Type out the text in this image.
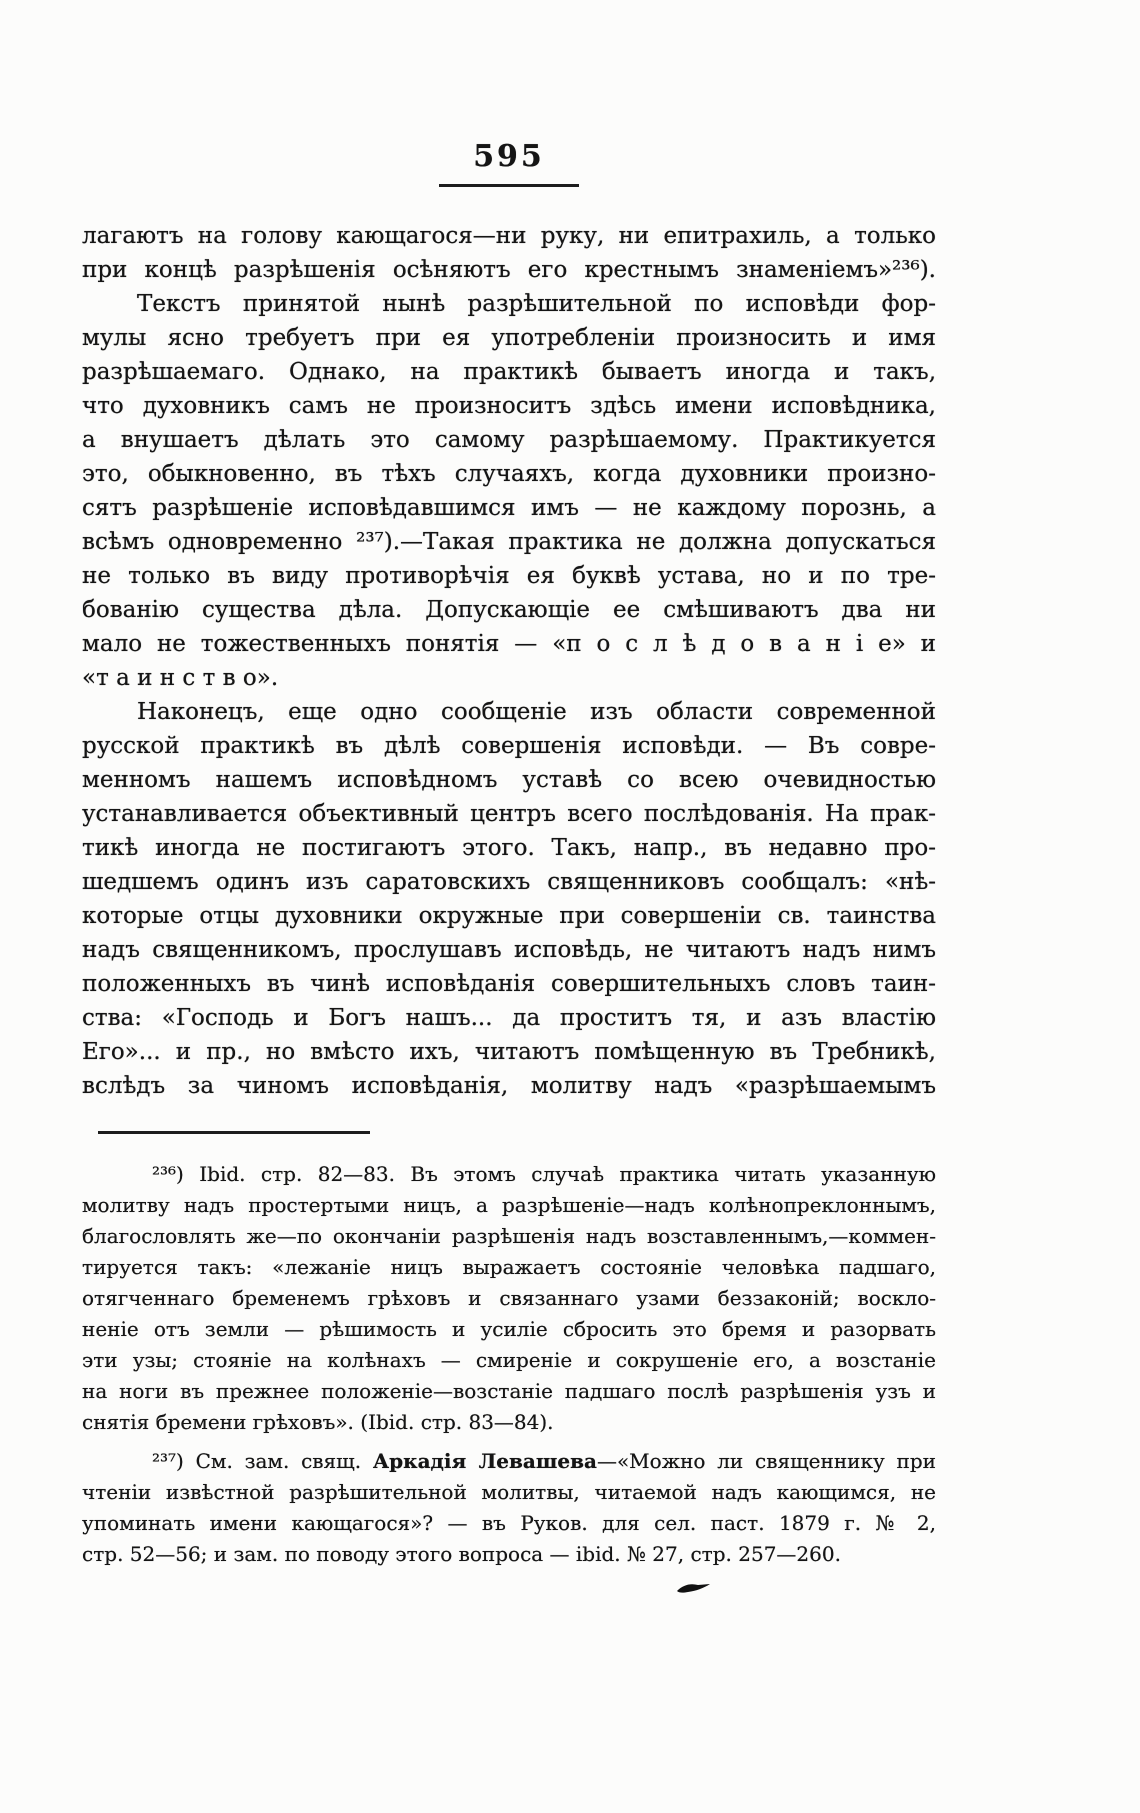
595
лагаютъ на голову кающагося—ни руку, ни епитрахиль, а только
при концѣ разрѣшенія осѣняютъ его крестнымъ знаменіемъ»²³⁶).
Текстъ принятой нынѣ разрѣшительной по исповѣди фор-
мулы ясно требуетъ при ея употребленіи произносить и имя
разрѣшаемаго. Однако, на практикѣ бываетъ иногда и такъ,
что духовникъ самъ не произноситъ здѣсь имени исповѣдника,
а внушаетъ дѣлать это самому разрѣшаемому. Практикуется
это, обыкновенно, въ тѣхъ случаяхъ, когда духовники произно-
сятъ разрѣшеніе исповѣдавшимся имъ — не каждому порознь, а
всѣмъ одновременно ²³⁷).—Такая практика не должна допускаться
не только въ виду противорѣчія ея буквѣ устава, но и по тре-
бованію существа дѣла. Допускающіе ее смѣшиваютъ два ни
мало не тожественныхъ понятія — «п о с л ѣ д о в а н і е» и
«т а и н с т в о».
Наконецъ, еще одно сообщеніе изъ области современной
русской практикѣ въ дѣлѣ совершенія исповѣди. — Въ совре-
менномъ нашемъ исповѣдномъ уставѣ со всею очевидностью
устанавливается объективный центръ всего послѣдованія. На прак-
тикѣ иногда не постигаютъ этого. Такъ, напр., въ недавно про-
шедшемъ одинъ изъ саратовскихъ священниковъ сообщалъ: «нѣ-
которые отцы духовники окружные при совершеніи св. таинства
надъ священникомъ, прослушавъ исповѣдь, не читаютъ надъ нимъ
положенныхъ въ чинѣ исповѣданія совершительныхъ словъ таин-
ства: «Господь и Богъ нашъ... да проститъ тя, и азъ властію
Его»... и пр., но вмѣсто ихъ, читаютъ помѣщенную въ Требникѣ,
вслѣдъ за чиномъ исповѣданія, молитву надъ «разрѣшаемымъ
²³⁶) Ibid. стр. 82—83. Въ этомъ случаѣ практика читать указанную
молитву надъ простертыми ницъ, а разрѣшеніе—надъ колѣнопреклоннымъ,
благословлять же—по окончаніи разрѣшенія надъ возставленнымъ,—коммен-
тируется такъ: «лежаніе ницъ выражаетъ состояніе человѣка падшаго,
отягченнаго бременемъ грѣховъ и связаннаго узами беззаконій; воскло-
неніе отъ земли — рѣшимость и усиліе сбросить это бремя и разорвать
эти узы; стояніе на колѣнахъ — смиреніе и сокрушеніе его, а возстаніе
на ноги въ прежнее положеніе—возстаніе падшаго послѣ разрѣшенія узъ и
снятія бремени грѣховъ». (Ibid. стр. 83—84).
²³⁷) См. зам. свящ. Аркадія Левашева—«Можно ли священнику при
чтеніи извѣстной разрѣшительной молитвы, читаемой надъ кающимся, не
упоминать имени кающагося»? — въ Руков. для сел. паст. 1879 г. № 2,
стр. 52—56; и зам. по поводу этого вопроса — ibid. № 27, стр. 257—260.
